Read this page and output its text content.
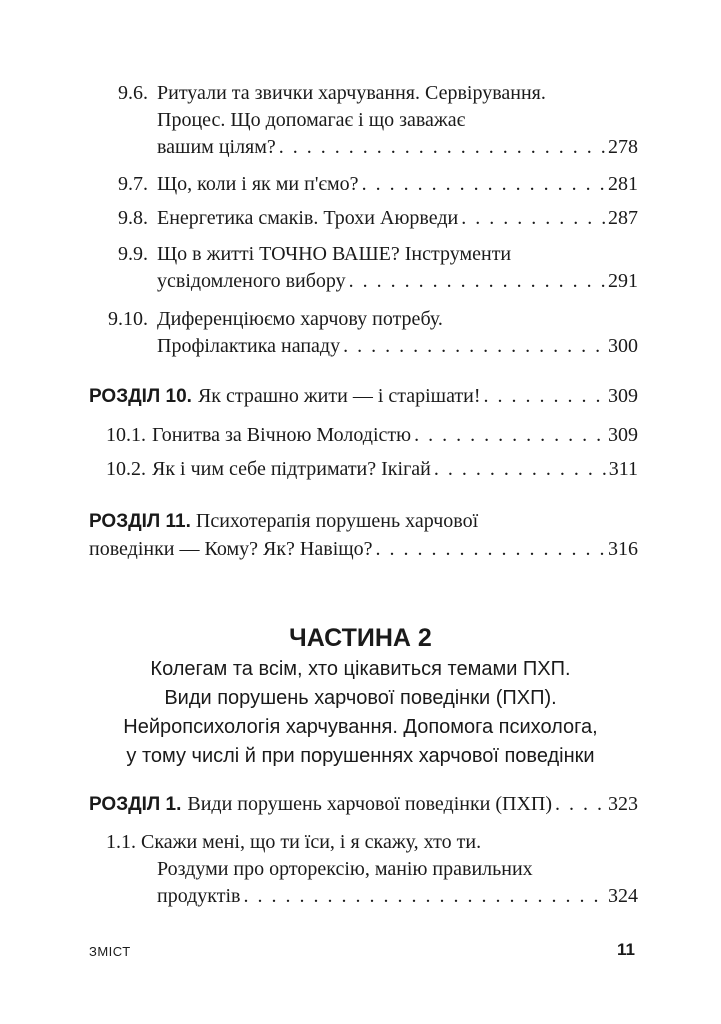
9.6. Ритуали та звички харчування. Сервірування.
Процес. Що допомагає і що заважає
вашим цілям? . . .	278
9.7. Що, коли і як ми п'ємо? . . .	281
9.8. Енергетика смаків. Трохи Аюрведи . . .	287
9.9. Що в житті ТОЧНО ВАШЕ? Інструменти
усвідомленого вибору . . .	291
9.10. Диференціюємо харчову потребу.
Профілактика нападу . . .	300
РОЗДІЛ 10. Як страшно жити — і старішати! . . .	309
10.1. Гонитва за Вічною Молодістю . . .	309
10.2. Як і чим себе підтримати? Ікігай . . .	311
РОЗДІЛ 11. Психотерапія порушень харчової
поведінки — Кому? Як? Навіщо? . . .	316
ЧАСТИНА 2
Колегам та всім, хто цікавиться темами ПХП.
Види порушень харчової поведінки (ПХП).
Нейропсихологія харчування. Допомога психолога,
у тому числі й при порушеннях харчової поведінки
РОЗДІЛ 1. Види порушень харчової поведінки (ПХП) . . .	323
1.1. Скажи мені, що ти їси, і я скажу, хто ти.
Роздуми про орторексію, манію правильних
продуктів . . .	324
ЗМІСТ	11
